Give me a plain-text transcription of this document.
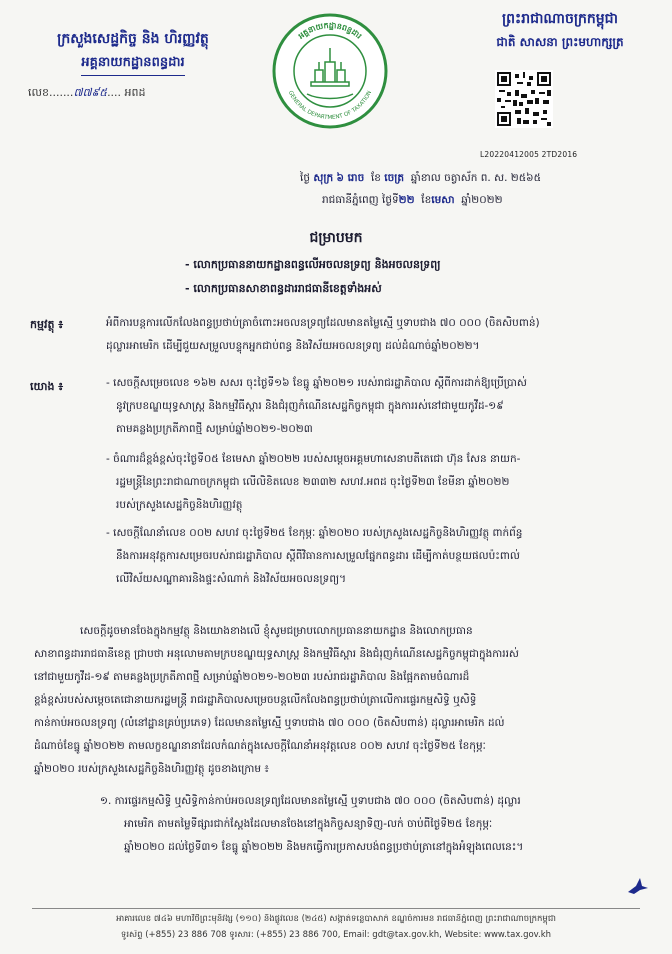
ក្រសួងសេដ្ឋកិច្ច និង ហិរញ្ញវត្ថុ
អគ្គនាយកដ្ឋានពន្ធដារ
លេខ.......៧៧៩៥.... អពដ
អគ្គនាយកដ្ឋានពន្ធដារ
GENERAL DEPARTMENT OF TAXATION
ព្រះរាជាណាចក្រកម្ពុជា
ជាតិ សាសនា ព្រះមហាក្សត្រ
L20220412005 2TD2016
ថ្ងៃ សុក្រ ៦ រោច ខែ ចេត្រ ឆ្នាំខាល ចត្វាស័ក ព. ស. ២៥៦៥
រាជធានីភ្នំពេញ ថ្ងៃទី២២ ខែមេសា ឆ្នាំ២០២២
ជម្រាបមក
- លោកប្រធាននាយកដ្ឋានពន្ធលើអចលនទ្រព្យ និងអចលនទ្រព្យ
- លោកប្រធានសាខាពន្ធដាររាជធានីខេត្តទាំងអស់
កម្មវត្ថុ ៖	អំពីការបន្តការលើកលែងពន្ធប្រថាប់ត្រាចំពោះអចលនទ្រព្យដែលមានតម្លៃស្មើ ឬទាបជាង ៧០ ០០០ (ចិតសិបពាន់)
ដុល្លារអាមេរិក ដើម្បីជួយសម្រួលបន្ទុកអ្នកជាប់ពន្ធ និងវិស័យអចលនទ្រព្យ ដល់ដំណាច់ឆ្នាំ២០២២។
យោង ៖	- សេចក្តីសម្រេចលេខ ១៦២ សសរ ចុះថ្ងៃទី១៦ ខែធ្នូ ឆ្នាំ២០២១ របស់រាជរដ្ឋាភិបាល ស្តីពីការដាក់ឱ្យប្រើប្រាស់
នូវក្របខណ្ឌយុទ្ធសាស្ត្រ និងកម្មវិធីស្តារ និងជំរុញកំណើនសេដ្ឋកិច្ចកម្ពុជា ក្នុងការរស់នៅជាមួយកូវីដ-១៩
តាមគន្លងប្រក្រតីភាពថ្មី សម្រាប់ឆ្នាំ២០២១-២០២៣
- ចំណារដ៏ខ្ពង់ខ្ពស់ចុះថ្ងៃទី០៥ ខែមេសា ឆ្នាំ២០២២ របស់សម្តេចអគ្គមហាសេនាបតីតេជោ ហ៊ុន សែន នាយក-
រដ្ឋមន្ត្រីនៃព្រះរាជាណាចក្រកម្ពុជា លើលិខិតលេខ ២៣៣២ សហវ.អពដ ចុះថ្ងៃទី២៣ ខែមីនា ឆ្នាំ២០២២
របស់ក្រសួងសេដ្ឋកិច្ចនិងហិរញ្ញវត្ថុ
- សេចក្តីណែនាំលេខ ០០២ សហវ ចុះថ្ងៃទី២៥ ខែកុម្ភៈ ឆ្នាំ២០២០ របស់ក្រសួងសេដ្ឋកិច្ចនិងហិរញ្ញវត្ថុ ពាក់ព័ន្ធ
នឹងការអនុវត្តការសម្រេចរបស់រាជរដ្ឋាភិបាល ស្តីពីវិធានការសម្រួលផ្នែកពន្ធដារ ដើម្បីកាត់បន្ថយផលប៉ះពាល់
លើវិស័យសណ្ឋាគារនិងផ្ទះសំណាក់ និងវិស័យអចលនទ្រព្យ។
សេចក្តីដូចមានចែងក្នុងកម្មវត្ថុ និងយោងខាងលើ ខ្ញុំសូមជម្រាបលោកប្រធាននាយកដ្ឋាន និងលោកប្រធាន
សាខាពន្ធដាររាជធានីខេត្ត ជ្រាបថា អនុលោមតាមក្របខណ្ឌយុទ្ធសាស្ត្រ និងកម្មវិធីស្តារ និងជំរុញកំណើនសេដ្ឋកិច្ចកម្ពុជាក្នុងការរស់
នៅជាមួយកូវីដ-១៩ តាមគន្លងប្រក្រតីភាពថ្មី សម្រាប់ឆ្នាំ២០២១-២០២៣ របស់រាជរដ្ឋាភិបាល និងផ្អែកតាមចំណារដ៏
ខ្ពង់ខ្ពស់របស់សម្តេចតេជោនាយករដ្ឋមន្ត្រី រាជរដ្ឋាភិបាលសម្រេចបន្តលើកលែងពន្ធប្រថាប់ត្រាលើការផ្ទេរកម្មសិទ្ធិ ឬសិទ្ធិ
កាន់កាប់អចលនទ្រព្យ (លំនៅដ្ឋានគ្រប់ប្រភេទ) ដែលមានតម្លៃស្មើ ឬទាបជាង ៧០ ០០០ (ចិតសិបពាន់) ដុល្លារអាមេរិក ដល់
ដំណាច់ខែធ្នូ ឆ្នាំ២០២២ តាមលក្ខខណ្ឌនានាដែលកំណត់ក្នុងសេចក្តីណែនាំអនុវត្តលេខ ០០២ សហវ ចុះថ្ងៃទី២៥ ខែកុម្ភៈ
ឆ្នាំ២០២០ របស់ក្រសួងសេដ្ឋកិច្ចនិងហិរញ្ញវត្ថុ ដូចខាងក្រោម ៖
១. ការផ្ទេរកម្មសិទ្ធិ ឬសិទ្ធិកាន់កាប់អចលនទ្រព្យដែលមានតម្លៃស្មើ ឬទាបជាង ៧០ ០០០ (ចិតសិបពាន់) ដុល្លារ
អាមេរិក តាមតម្លៃទីផ្សារជាក់ស្តែងដែលមានចែងនៅក្នុងកិច្ចសន្យាទិញ-លក់ ចាប់ពីថ្ងៃទី២៥ ខែកុម្ភៈ
ឆ្នាំ២០២០ ដល់ថ្ងៃទី៣១ ខែធ្នូ ឆ្នាំ២០២២ និងមកធ្វើការប្រកាសបង់ពន្ធប្រថាប់ត្រានៅក្នុងអំឡុងពេលនេះ។
អាគារលេខ ៧៤៦ មហាវិថីព្រះមុនីវង្ស (១១០) និងផ្លូវលេខ (២៤៥) សង្កាត់ទន្លេបាសាក់ ខណ្ឌចំការមន រាជធានីភ្នំពេញ ព្រះរាជាណាចក្រកម្ពុជា
ទូរស័ព្ទ (+855) 23 886 708 ទូរសារ: (+855) 23 886 700, Email: gdt@tax.gov.kh, Website: www.tax.gov.kh
